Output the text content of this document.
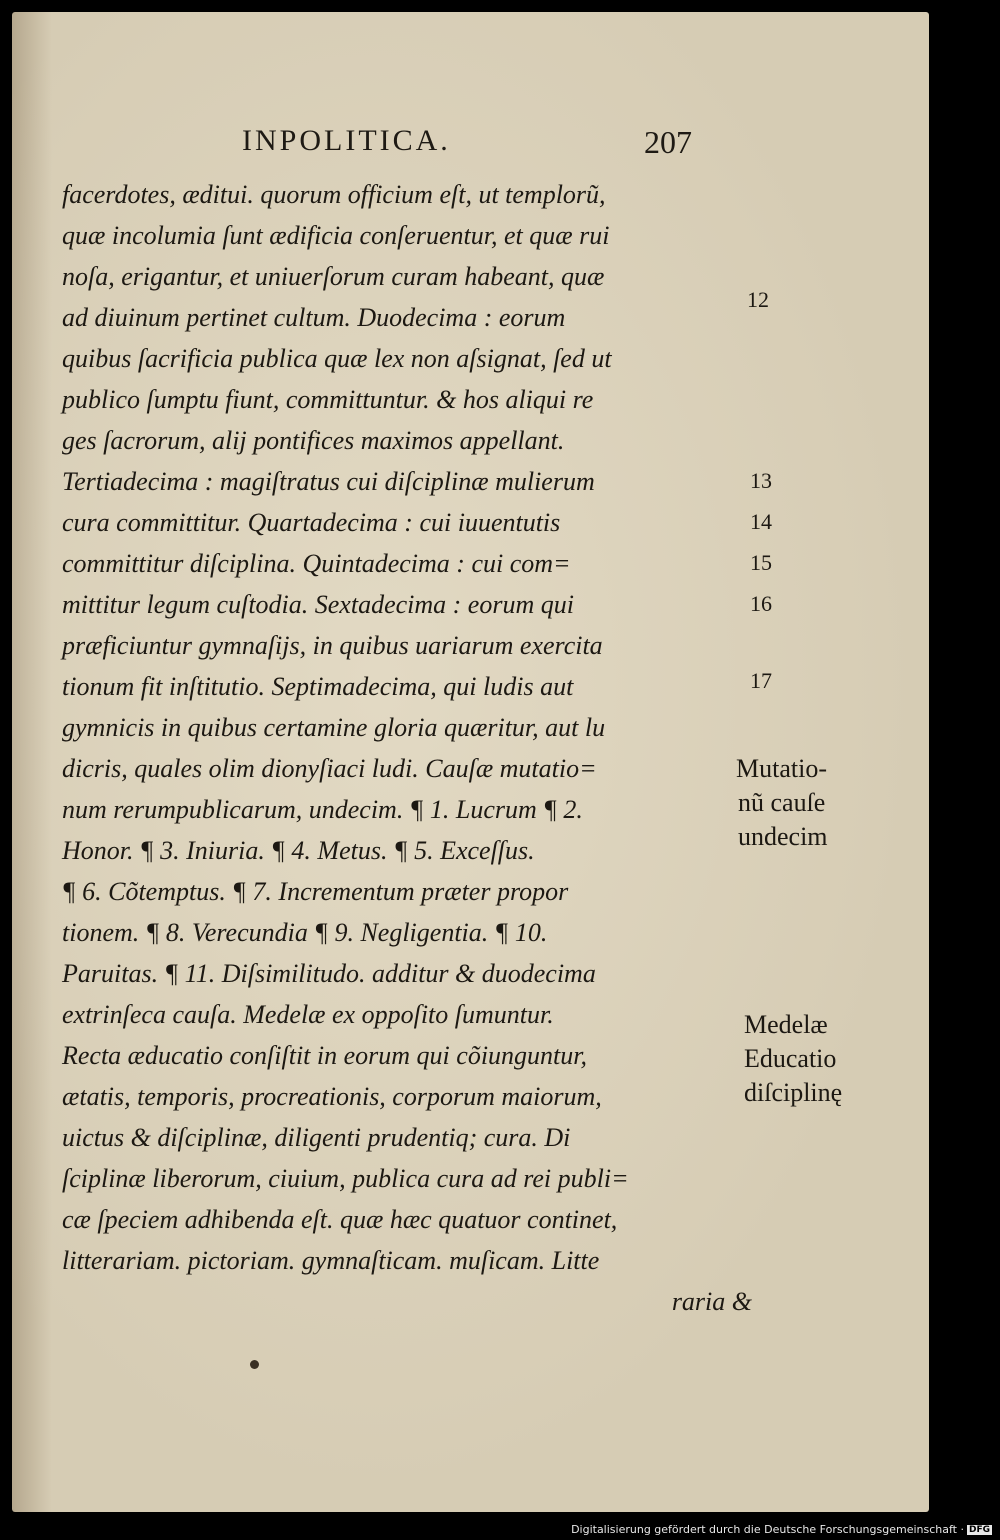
INPOLITICA.	207
facerdotes, æditui. quorum officium eſt, ut templorũ,
quæ incolumia ſunt ædificia conſeruentur, et quæ rui
noſa, erigantur, et uniuerſorum curam habeant, quæ
ad diuinum pertinet cultum. Duodecima : eorum
quibus ſacrificia publica quæ lex non aſsignat, ſed ut
publico ſumptu fiunt, committuntur. & hos aliqui re
ges ſacrorum, alij pontifices maximos appellant.
Tertiadecima : magiſtratus cui diſciplinæ mulierum
cura committitur. Quartadecima : cui iuuentutis
committitur diſciplina. Quintadecima : cui com=
mittitur legum cuſtodia. Sextadecima : eorum qui
præficiuntur gymnaſijs, in quibus uariarum exercita
tionum fit inſtitutio. Septimadecima, qui ludis aut
gymnicis in quibus certamine gloria quæritur, aut lu
dicris, quales olim dionyſiaci ludi. Cauſæ mutatio=
num rerumpublicarum, undecim. ¶ 1. Lucrum ¶ 2.
Honor. ¶ 3. Iniuria. ¶ 4. Metus. ¶ 5. Exceſſus.
¶ 6. Cõtemptus. ¶ 7. Incrementum præter propor
tionem. ¶ 8. Verecundia ¶ 9. Negligentia. ¶ 10.
Paruitas. ¶ 11. Diſsimilitudo. additur & duodecima
extrinſeca cauſa. Medelæ ex oppoſito ſumuntur.
Recta æducatio conſiſtit in eorum qui cõiunguntur,
ætatis, temporis, procreationis, corporum maiorum,
uictus & diſciplinæ, diligenti prudentiq; cura. Di
ſciplinæ liberorum, ciuium, publica cura ad rei publi=
cæ ſpeciem adhibenda eſt. quæ hæc quatuor continet,
litterariam. pictoriam. gymnaſticam. muſicam. Litte
raria &
12
13
14
15
16
17
Mutatio-
nũ cauſe
undecim
Medelæ
Educatio
diſciplinę
Digitalisierung gefördert durch die Deutsche Forschungsgemeinschaft · DFG
